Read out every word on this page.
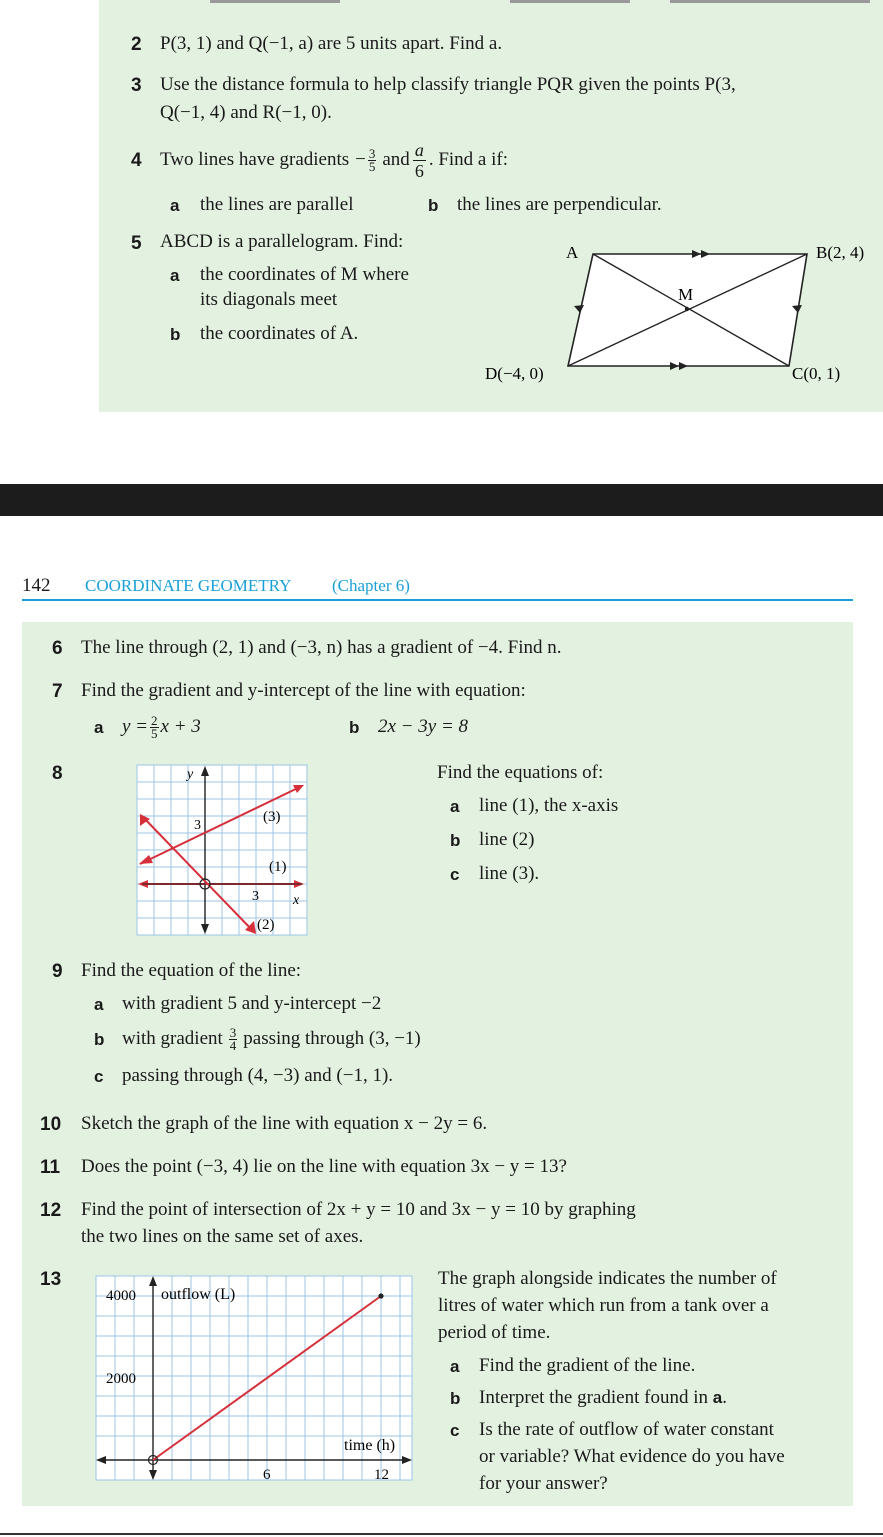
2 P(3, 1) and Q(−1, a) are 5 units apart. Find a.
3 Use the distance formula to help classify triangle PQR given the points P(3,
Q(−1, 4) and R(−1, 0).
4 Two lines have gradients − $\frac{3}{5}$ and $\frac{a}{6}$ . Find a if:
a the lines are parallel	b the lines are perpendicular.
5 ABCD is a parallelogram. Find:
a the coordinates of M where
its diagonals meet
b the coordinates of A.
A	B(2, 4)
M
C(0, 1)
D(−4, 0)
142 COORDINATE GEOMETRY (Chapter 6)
6 The line through (2, 1) and (−3, n) has a gradient of −4. Find n.
7 Find the gradient and y-intercept of the line with equation:
a $y = \frac{2}{5}$ x + 3	b 2x − 3y = 8
8	y
x
3
3
(3)
(1)
(2)
Find the equations of:
a line (1), the x-axis
b line (2)
c line (3).
9 Find the equation of the line:
a with gradient 5 and y-intercept −2
b with gradient $\frac{3}{4}$ passing through (3, −1)
c passing through (4, −3) and (−1, 1).
10 Sketch the graph of the line with equation x − 2y = 6.
11 Does the point (−3, 4) lie on the line with equation 3x − y = 13?
12 Find the point of intersection of 2x + y = 10 and 3x − y = 10 by graphing
the two lines on the same set of axes.
13
4000
2000
6	12
outflow (L)
time (h)
The graph alongside indicates the number of
litres of water which run from a tank over a
period of time.
a Find the gradient of the line.
b Interpret the gradient found in a.
c Is the rate of outflow of water constant
or variable? What evidence do you have
for your answer?
